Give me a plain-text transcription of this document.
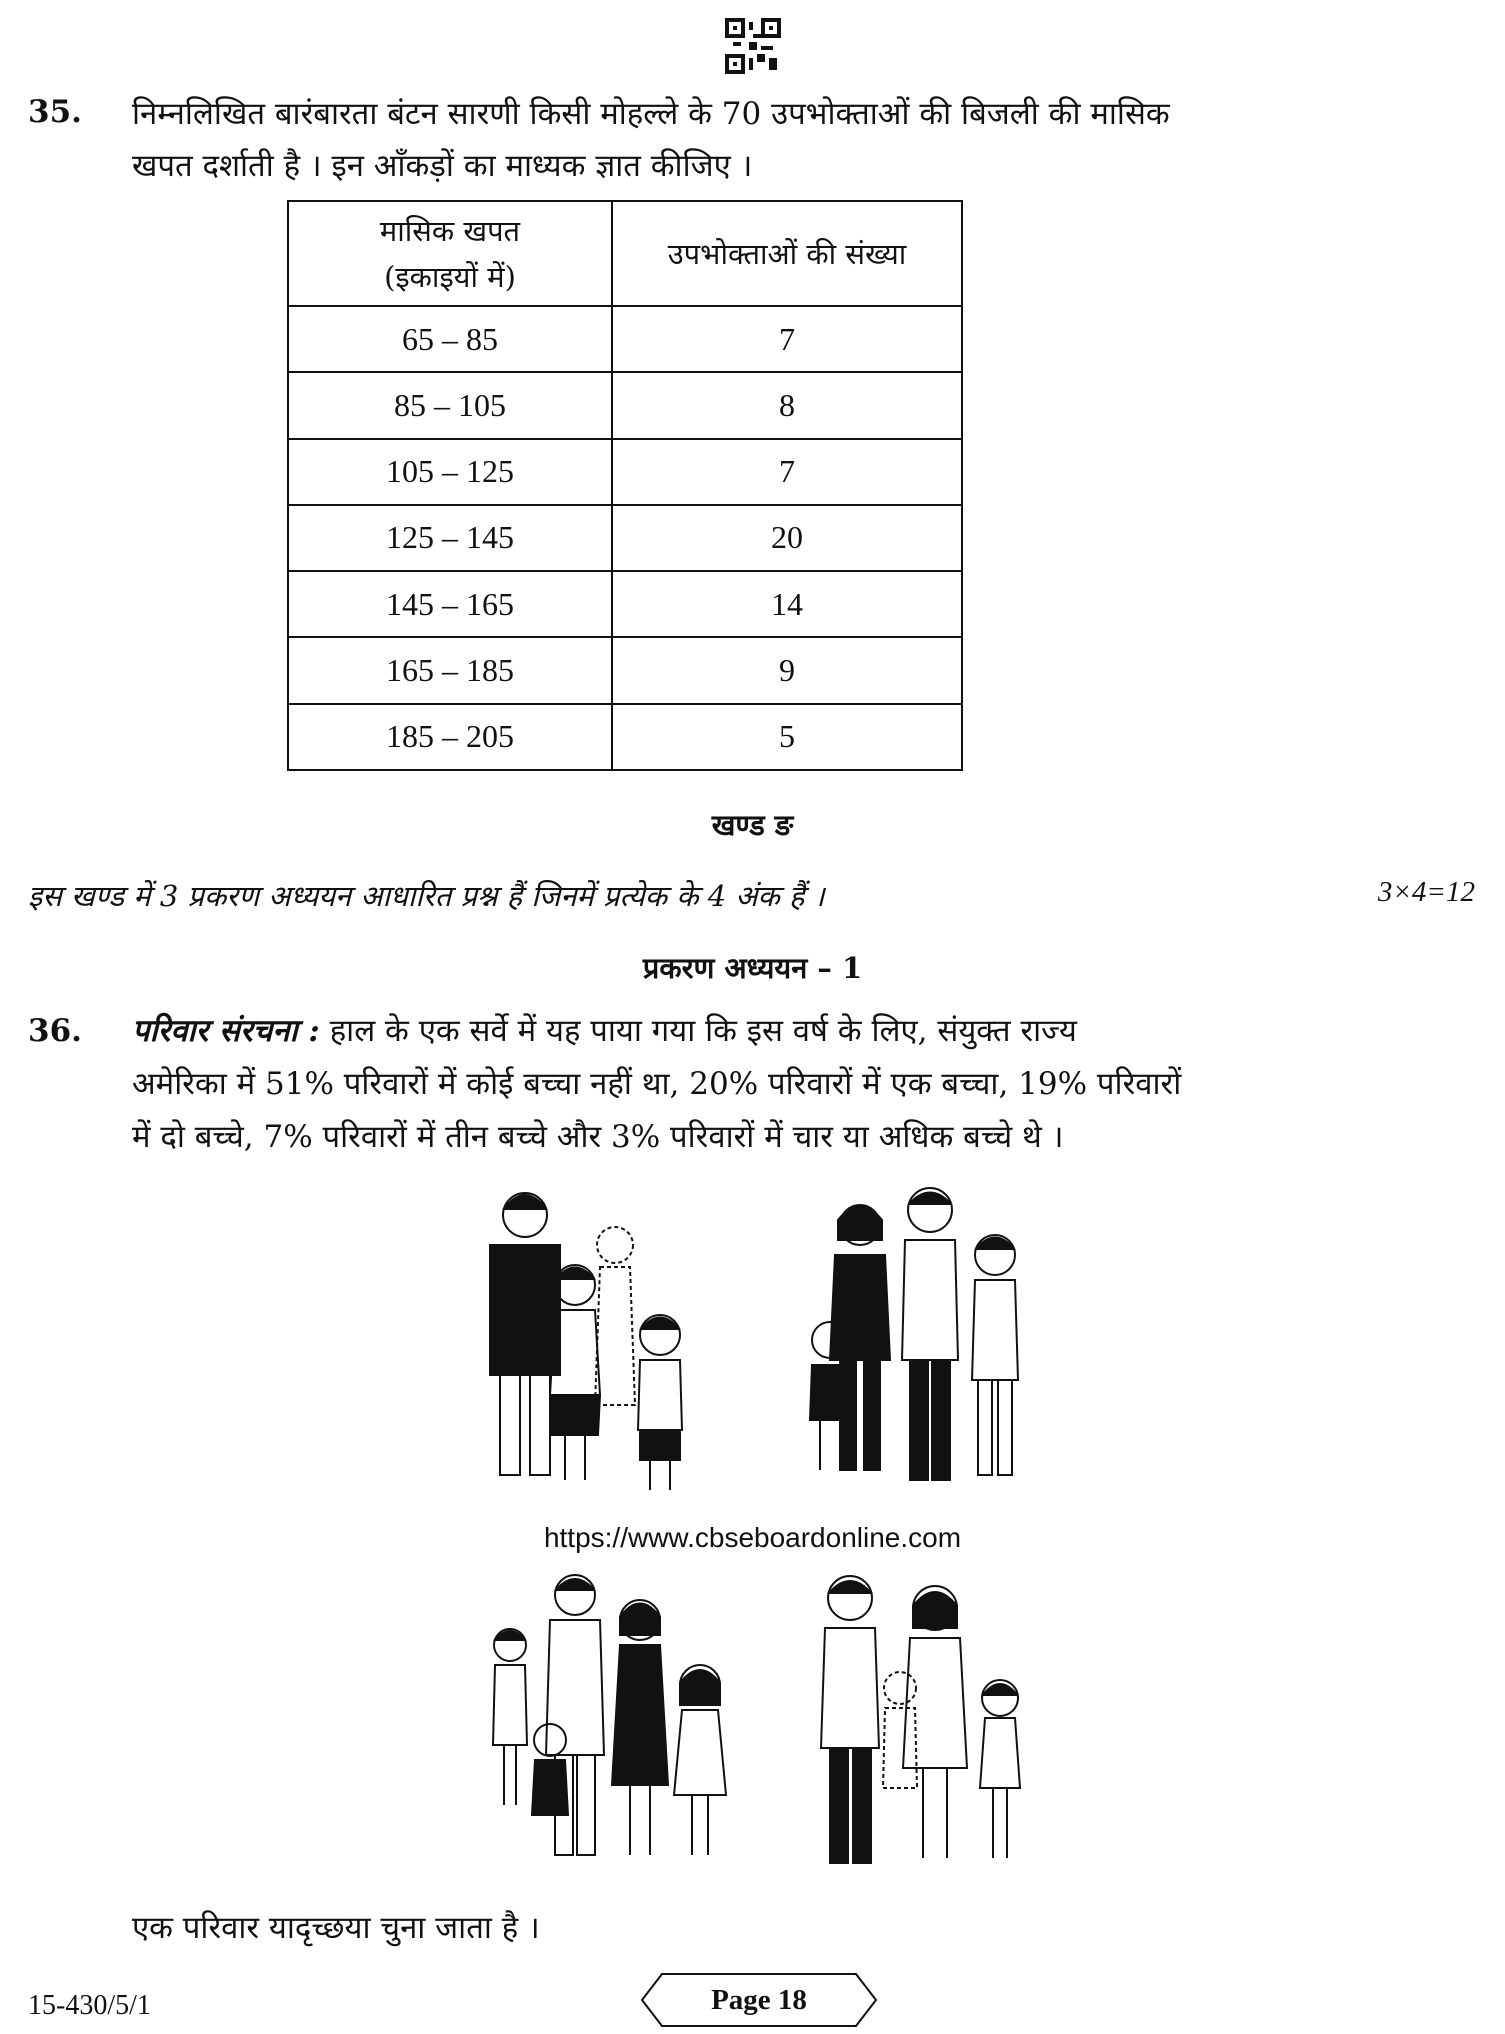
35. निम्नलिखित बारंबारता बंटन सारणी किसी मोहल्ले के 70 उपभोक्ताओं की बिजली की मासिक
खपत दर्शाती है । इन आँकड़ों का माध्यक ज्ञात कीजिए ।
मासिक खपत
(इकाइयों में)	उपभोक्ताओं की संख्या
65 – 85	7
85 – 105	8
105 – 125	7
125 – 145	20
145 – 165	14
165 – 185	9
185 – 205	5
खण्ड ङ
इस खण्ड में 3 प्रकरण अध्ययन आधारित प्रश्न हैं जिनमें प्रत्येक के 4 अंक हैं ।	3×4=12
प्रकरण अध्ययन – 1
36. परिवार संरचना : हाल के एक सर्वे में यह पाया गया कि इस वर्ष के लिए, संयुक्त राज्य
अमेरिका में 51% परिवारों में कोई बच्चा नहीं था, 20% परिवारों में एक बच्चा, 19% परिवारों
में दो बच्चे, 7% परिवारों में तीन बच्चे और 3% परिवारों में चार या अधिक बच्चे थे ।
https://www.cbseboardonline.com
एक परिवार यादृच्छया चुना जाता है ।
15-430/5/1	Page 18
